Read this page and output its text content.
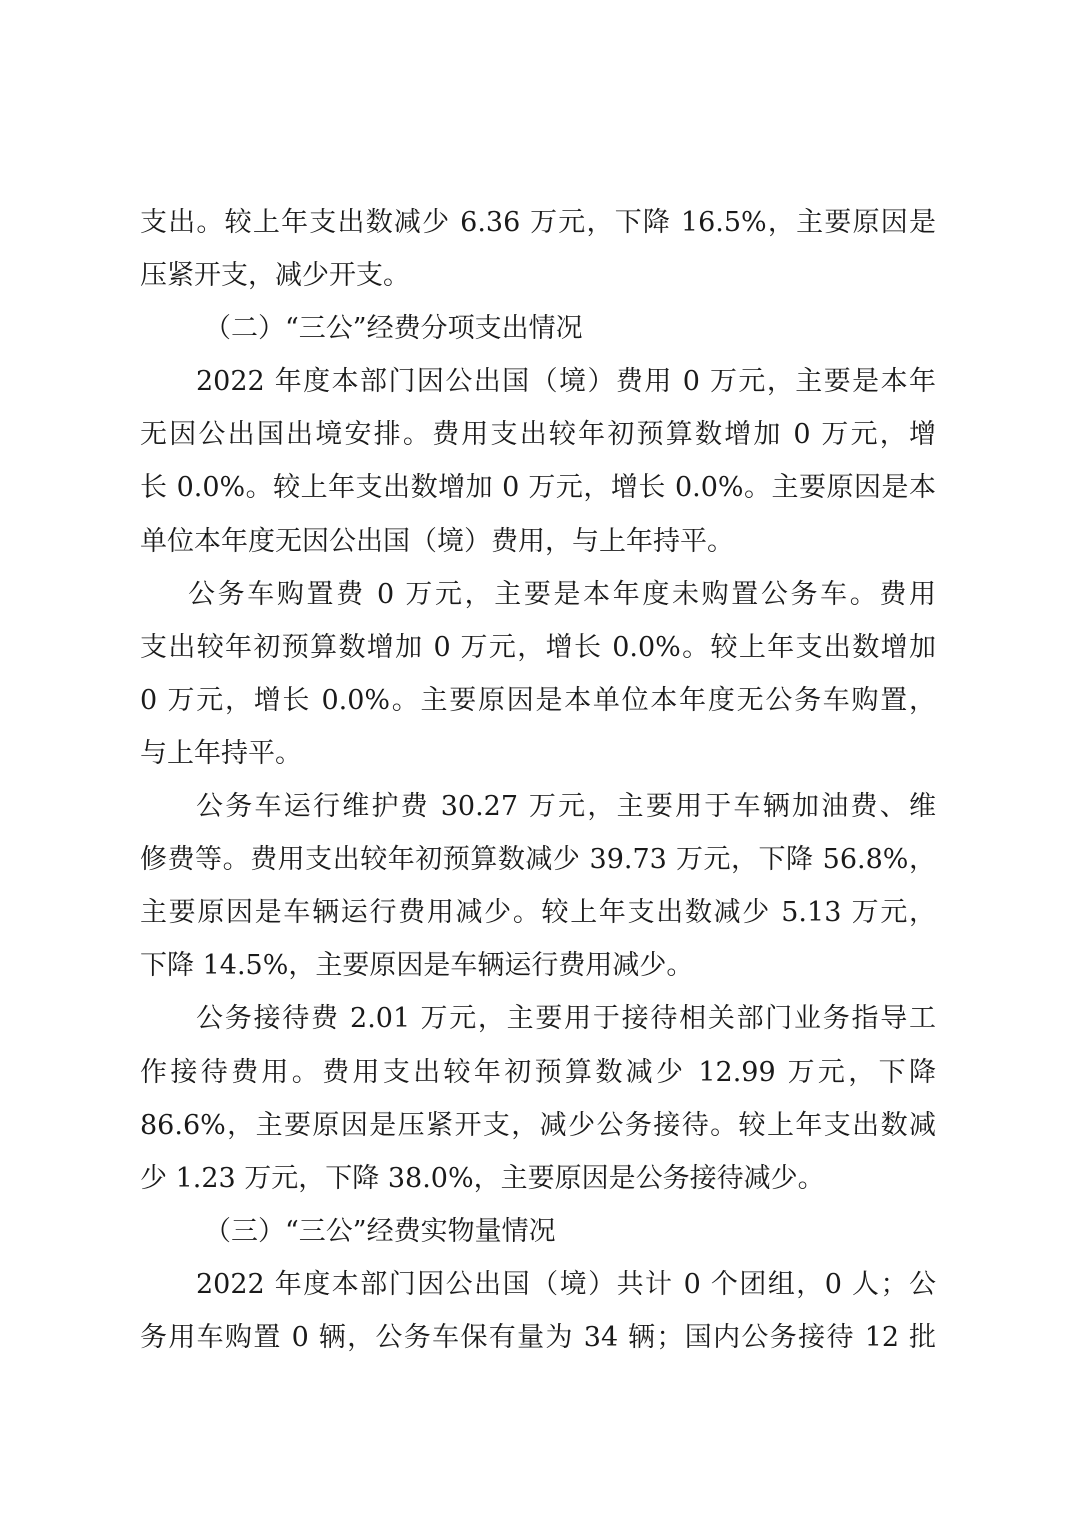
支出。较上年支出数减少 6.36 万元，下降 16.5%，主要原因是
压紧开支，减少开支。
（二）“三公”经费分项支出情况
2022 年度本部门因公出国（境）费用 0 万元，主要是本年
无因公出国出境安排。费用支出较年初预算数增加 0 万元，增
长 0.0%。较上年支出数增加 0 万元，增长 0.0%。主要原因是本
单位本年度无因公出国（境）费用，与上年持平。
公务车购置费 0 万元，主要是本年度未购置公务车。费用
支出较年初预算数增加 0 万元，增长 0.0%。较上年支出数增加
0 万元，增长 0.0%。主要原因是本单位本年度无公务车购置，
与上年持平。
公务车运行维护费 30.27 万元，主要用于车辆加油费、维
修费等。费用支出较年初预算数减少 39.73 万元，下降 56.8%，
主要原因是车辆运行费用减少。较上年支出数减少 5.13 万元，
下降 14.5%，主要原因是车辆运行费用减少。
公务接待费 2.01 万元，主要用于接待相关部门业务指导工
作接待费用。费用支出较年初预算数减少 12.99 万元，下降
86.6%，主要原因是压紧开支，减少公务接待。较上年支出数减
少 1.23 万元，下降 38.0%，主要原因是公务接待减少。
（三）“三公”经费实物量情况
2022 年度本部门因公出国（境）共计 0 个团组，0 人；公
务用车购置 0 辆，公务车保有量为 34 辆；国内公务接待 12 批
